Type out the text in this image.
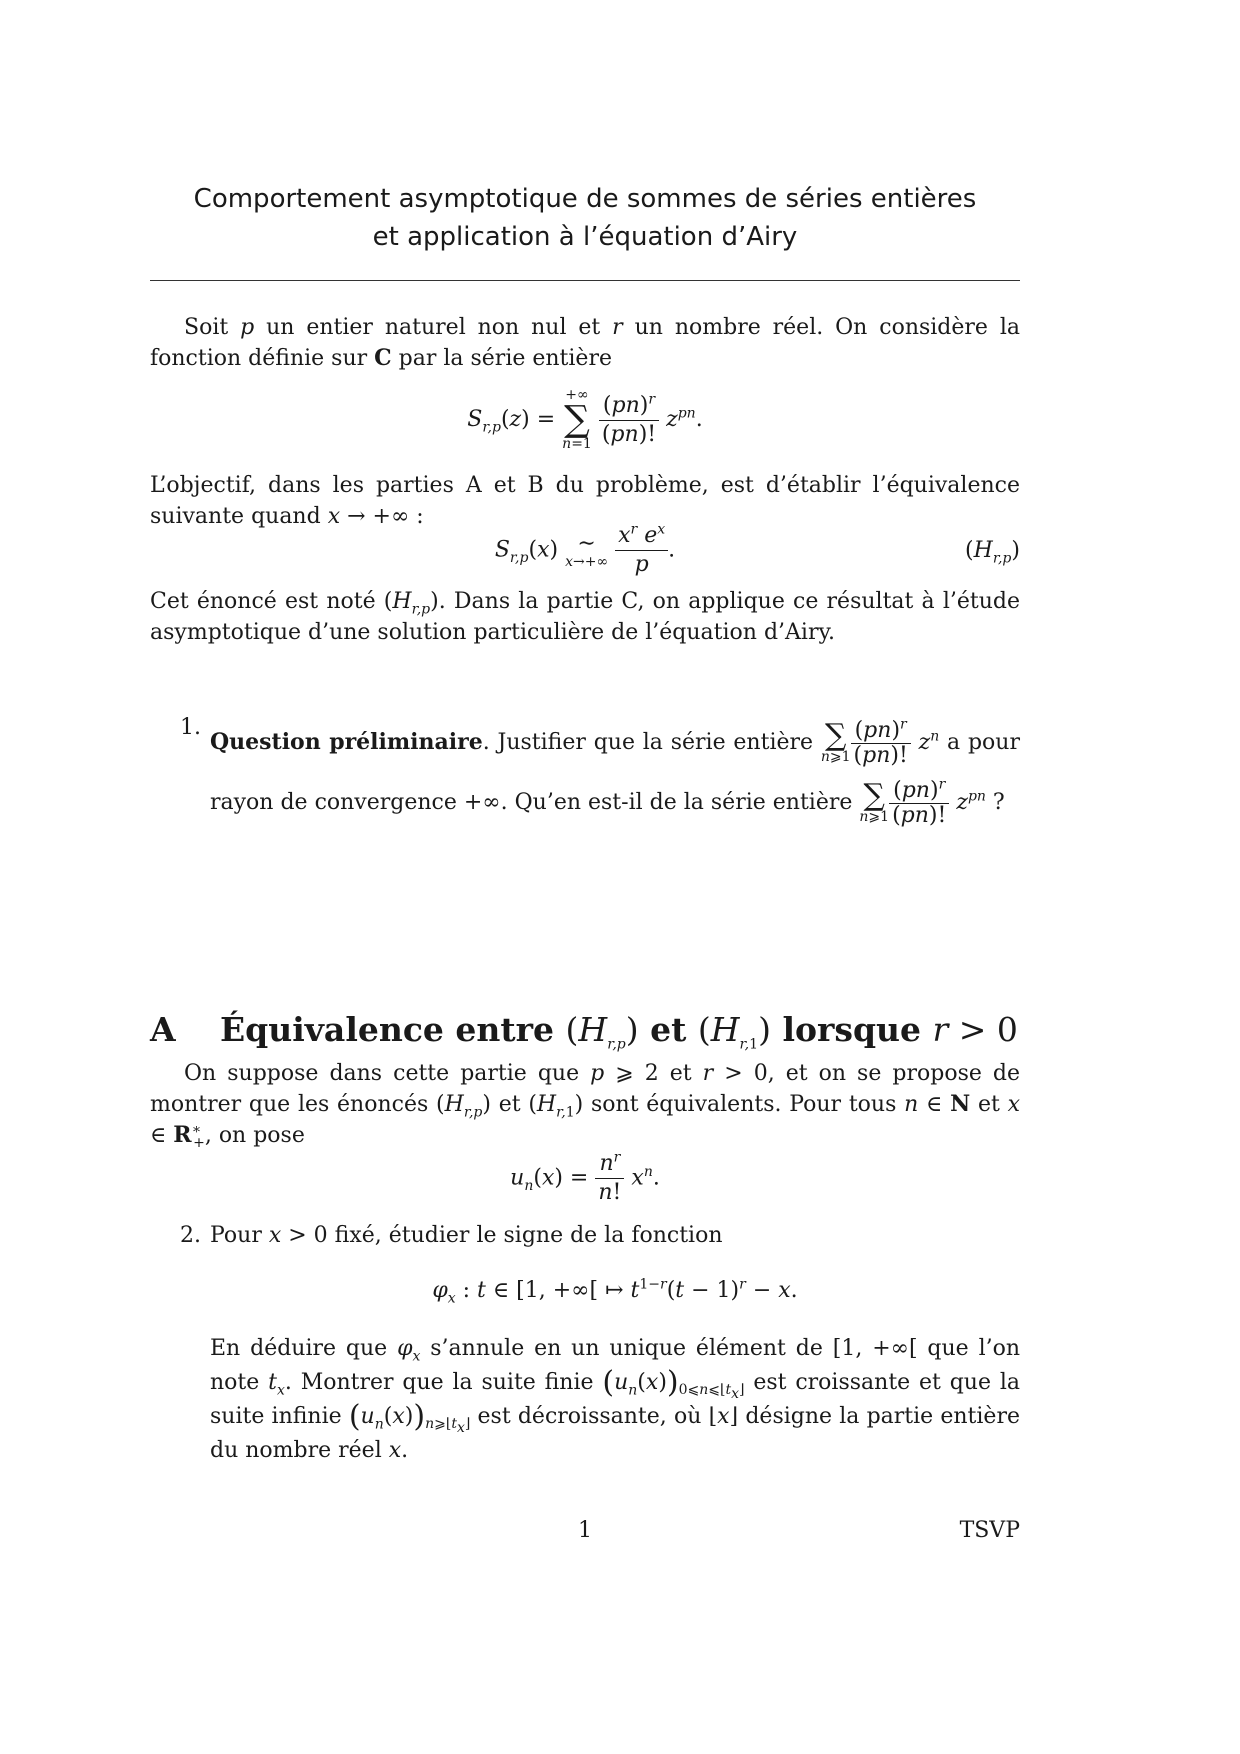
Comportement asymptotique de sommes de séries entières
et application à l’équation d’Airy
Soit p un entier naturel non nul et r un nombre réel. On considère la fonction définie sur C par la série entière
$S_{r,p}(z)$ =
+∞
∑
n=1
$\frac{(pn)^r}{(pn)!} z^{pn}$.
L’objectif, dans les parties A et B du problème, est d’établir l’équivalence suivante quand x → +∞ :
$S_{r,p}(x)$ ∼
x→+∞
$\frac{x^r e^x}{p}$ .	$(H_{r,p})$
Cet énoncé est noté $(H_{r,p})$. Dans la partie C, on applique ce résultat à l’étude asymptotique d’une solution particulière de l’équation d’Airy.
1.
Question préliminaire. Justifier que la série entière ∑
n⩾1 $\frac{(pn)^r}{(pn)!} z^n$ a pour rayon de convergence +∞. Qu’en est-il de la série entière ∑
n⩾1 $\frac{(pn)^r}{(pn)!} z^{pn}$ ?
A Équivalence entre $(H_{r,p})$ et $(H_{r,1})$ lorsque r > 0
On suppose dans cette partie que p ⩾ 2 et r > 0, et on se propose de montrer que les énoncés $(H_{r,p})$ et $(H_{r,1})$ sont équivalents. Pour tous n ∈ N et x ∈ $R^∗_+$, on pose
$u_n(x) = \frac{n^r}{n!} x^n$.
2. Pour x > 0 fixé, étudier le signe de la fonction
$\varphi_x$ : t ∈ [1, +∞[ ↦ $t^{1-r}(t - 1)^r - x$.
En déduire que $\varphi_x$ s’annule en un unique élément de [1, +∞[ que l’on note $t_x$. Montrer que la suite finie $(u_n(x))_{0⩽n⩽⌊t_x⌋}$ est croissante et que la suite infinie $(u_n(x))_{n⩾⌊t_x⌋}$ est décroissante, où ⌊x⌋ désigne la partie entière du nombre réel x.
1	TSVP
